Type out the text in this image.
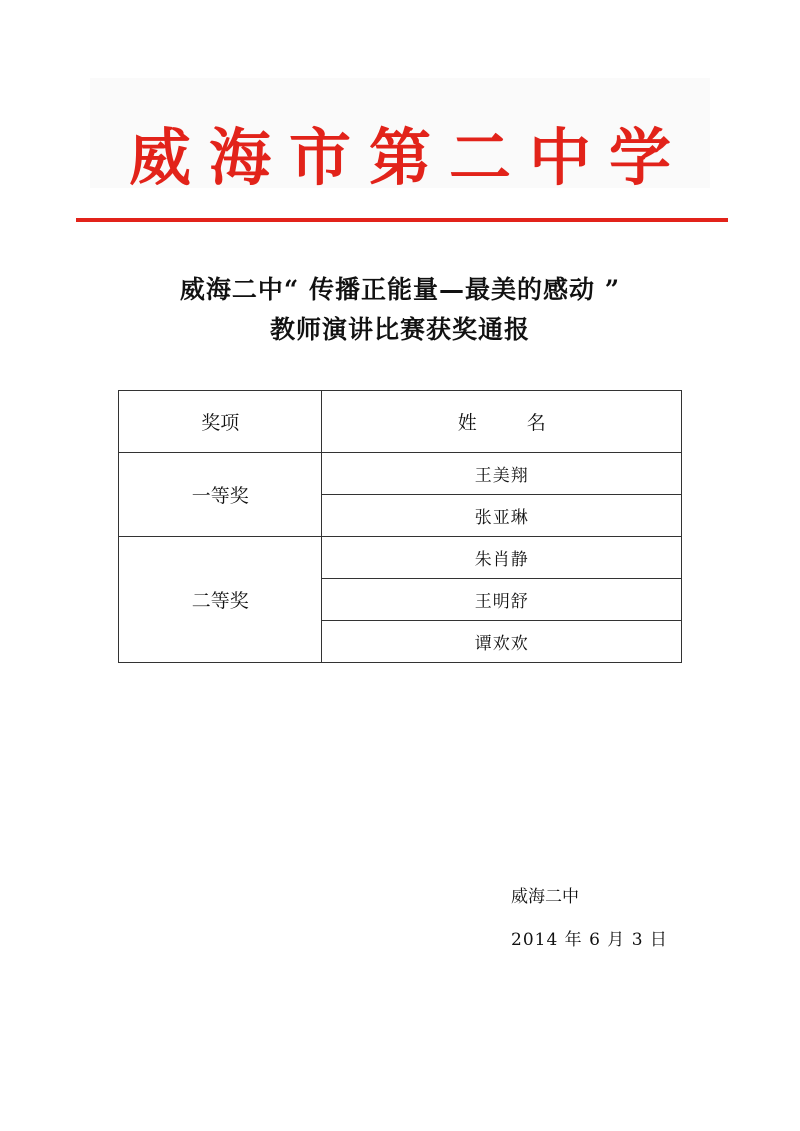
威海市第二中学
威海二中“ 传播正能量—最美的感动 ”
教师演讲比赛获奖通报
奖项	姓 名
一等奖	王美翔
	张亚琳
二等奖	朱肖静
	王明舒
	谭欢欢
威海二中
2014 年 6 月 3 日
